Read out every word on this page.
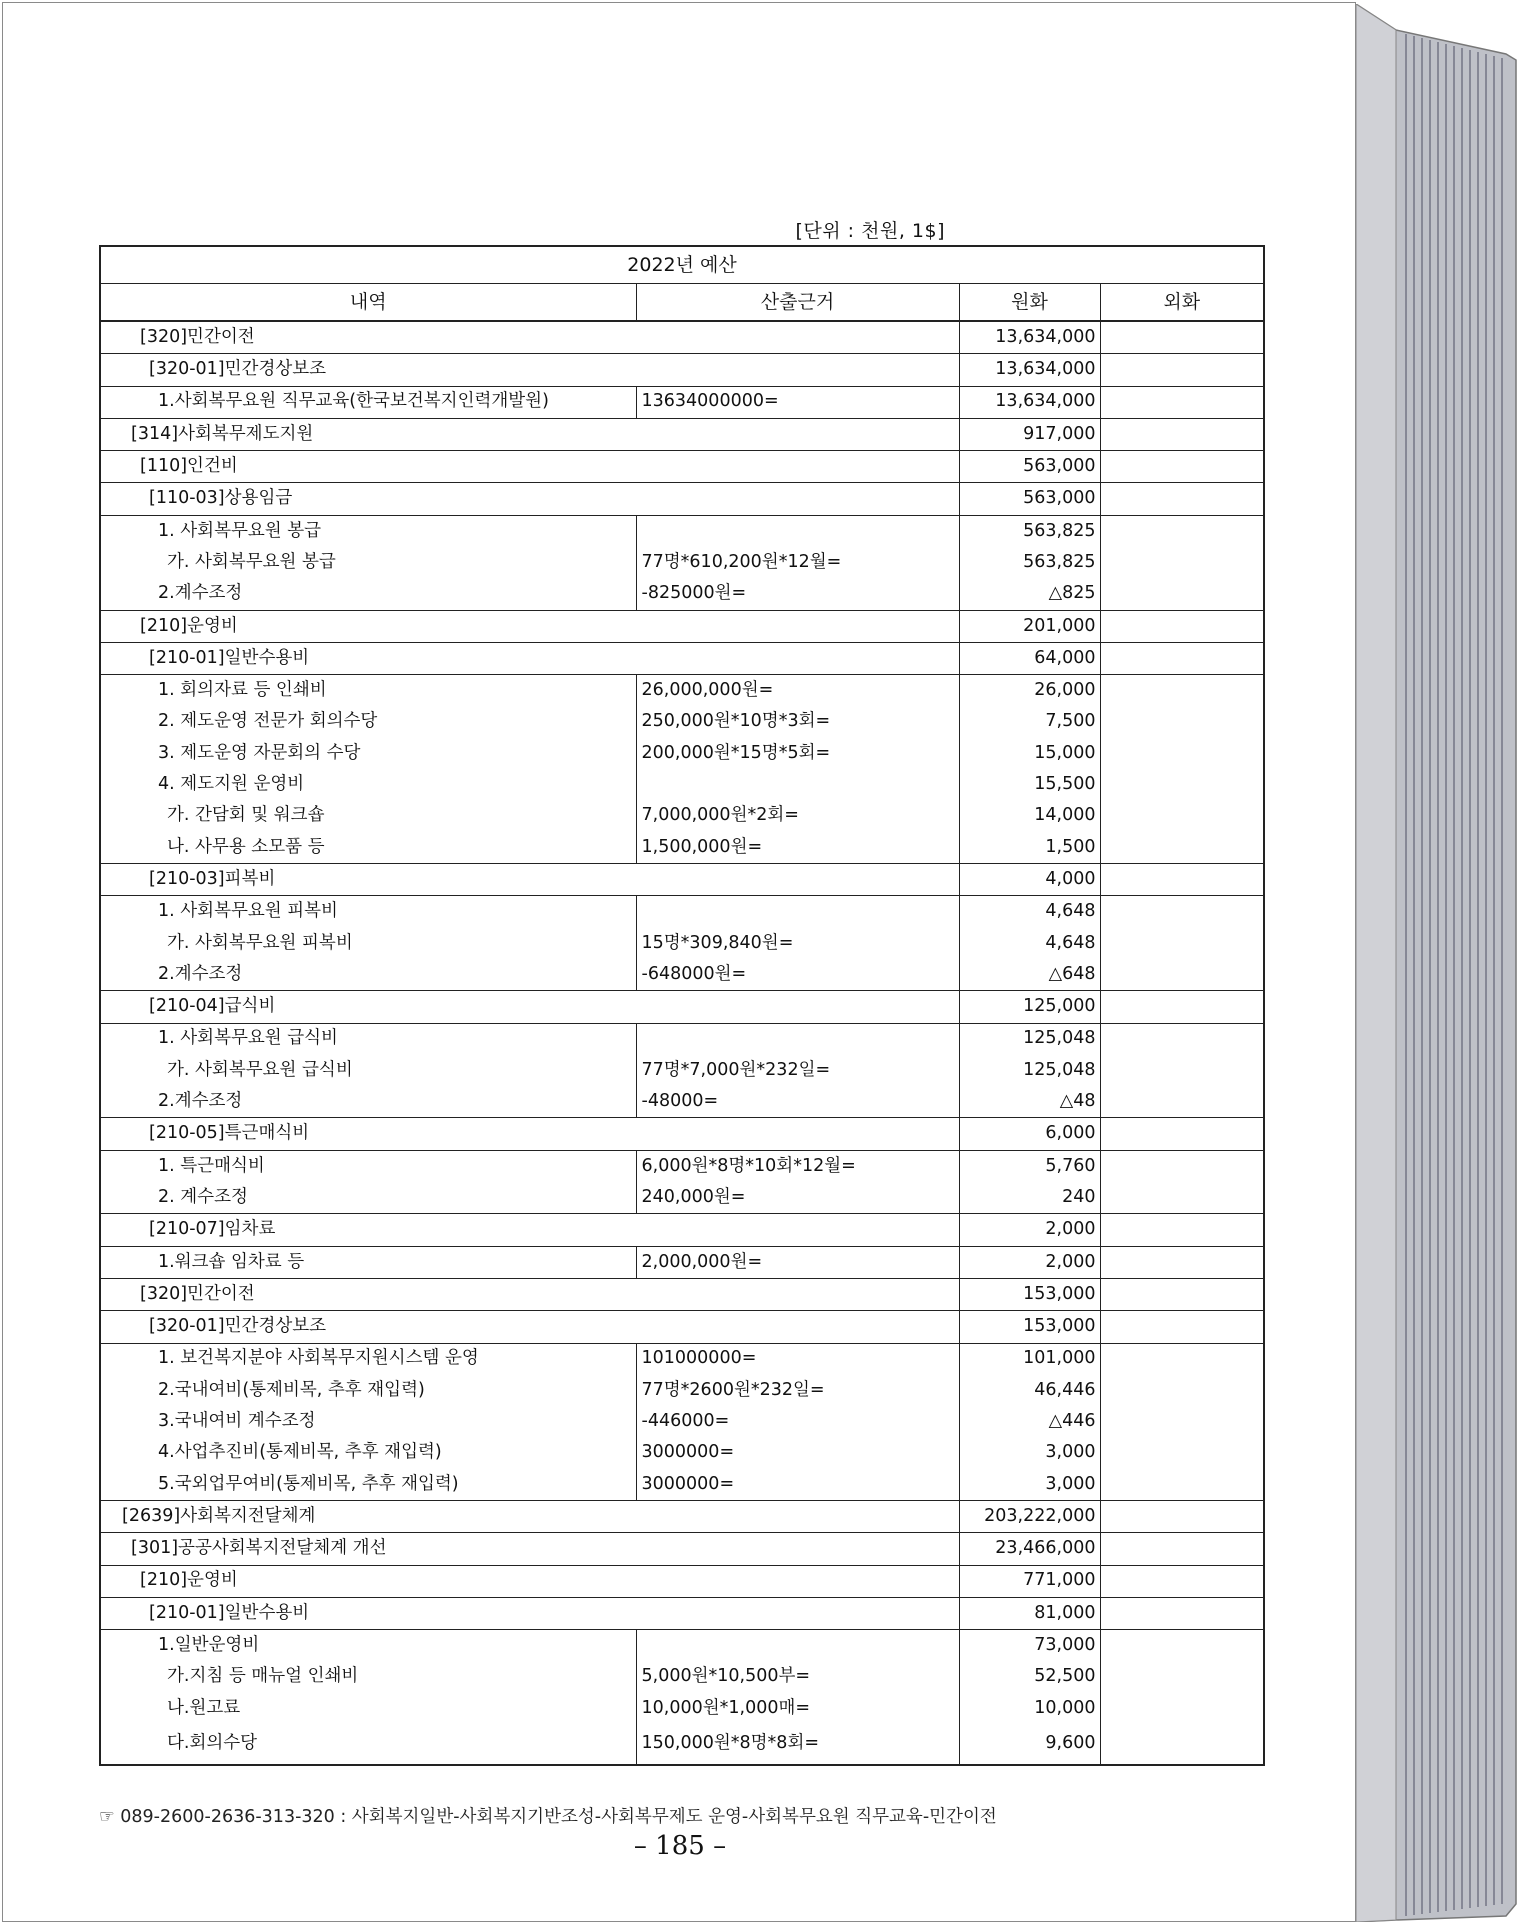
[단위 : 천원, 1$]
2022년 예산			
내역	산출근거	원화	외화
[320]민간이전		13,634,000	
[320-01]민간경상보조		13,634,000	
1.사회복무요원 직무교육(한국보건복지인력개발원)	13634000000=	13,634,000	
[314]사회복무제도지원		917,000	
[110]인건비		563,000	
[110-03]상용임금		563,000	
1. 사회복무요원 봉급		563,825	
가. 사회복무요원 봉급	77명*610,200원*12월=	563,825	
2.계수조정	-825000원=	△825	
[210]운영비		201,000	
[210-01]일반수용비		64,000	
1. 회의자료 등 인쇄비	26,000,000원=	26,000	
2. 제도운영 전문가 회의수당	250,000원*10명*3회=	7,500	
3. 제도운영 자문회의 수당	200,000원*15명*5회=	15,000	
4. 제도지원 운영비		15,500	
가. 간담회 및 워크숍	7,000,000원*2회=	14,000	
나. 사무용 소모품 등	1,500,000원=	1,500	
[210-03]피복비		4,000	
1. 사회복무요원 피복비		4,648	
가. 사회복무요원 피복비	15명*309,840원=	4,648	
2.계수조정	-648000원=	△648	
[210-04]급식비		125,000	
1. 사회복무요원 급식비		125,048	
가. 사회복무요원 급식비	77명*7,000원*232일=	125,048	
2.계수조정	-48000=	△48	
[210-05]특근매식비		6,000	
1. 특근매식비	6,000원*8명*10회*12월=	5,760	
2. 계수조정	240,000원=	240	
[210-07]임차료		2,000	
1.워크숍 임차료 등	2,000,000원=	2,000	
[320]민간이전		153,000	
[320-01]민간경상보조		153,000	
1. 보건복지분야 사회복무지원시스템 운영	101000000=	101,000	
2.국내여비(통제비목, 추후 재입력)	77명*2600원*232일=	46,446	
3.국내여비 계수조정	-446000=	△446	
4.사업추진비(통제비목, 추후 재입력)	3000000=	3,000	
5.국외업무여비(통제비목, 추후 재입력)	3000000=	3,000	
[2639]사회복지전달체계		203,222,000	
[301]공공사회복지전달체계 개선		23,466,000	
[210]운영비		771,000	
[210-01]일반수용비		81,000	
1.일반운영비		73,000	
가.지침 등 매뉴얼 인쇄비	5,000원*10,500부=	52,500	
나.원고료	10,000원*1,000매=	10,000	
다.회의수당	150,000원*8명*8회=	9,600	
☞ 089-2600-2636-313-320 : 사회복지일반-사회복지기반조성-사회복무제도 운영-사회복무요원 직무교육-민간이전
– 185 –
